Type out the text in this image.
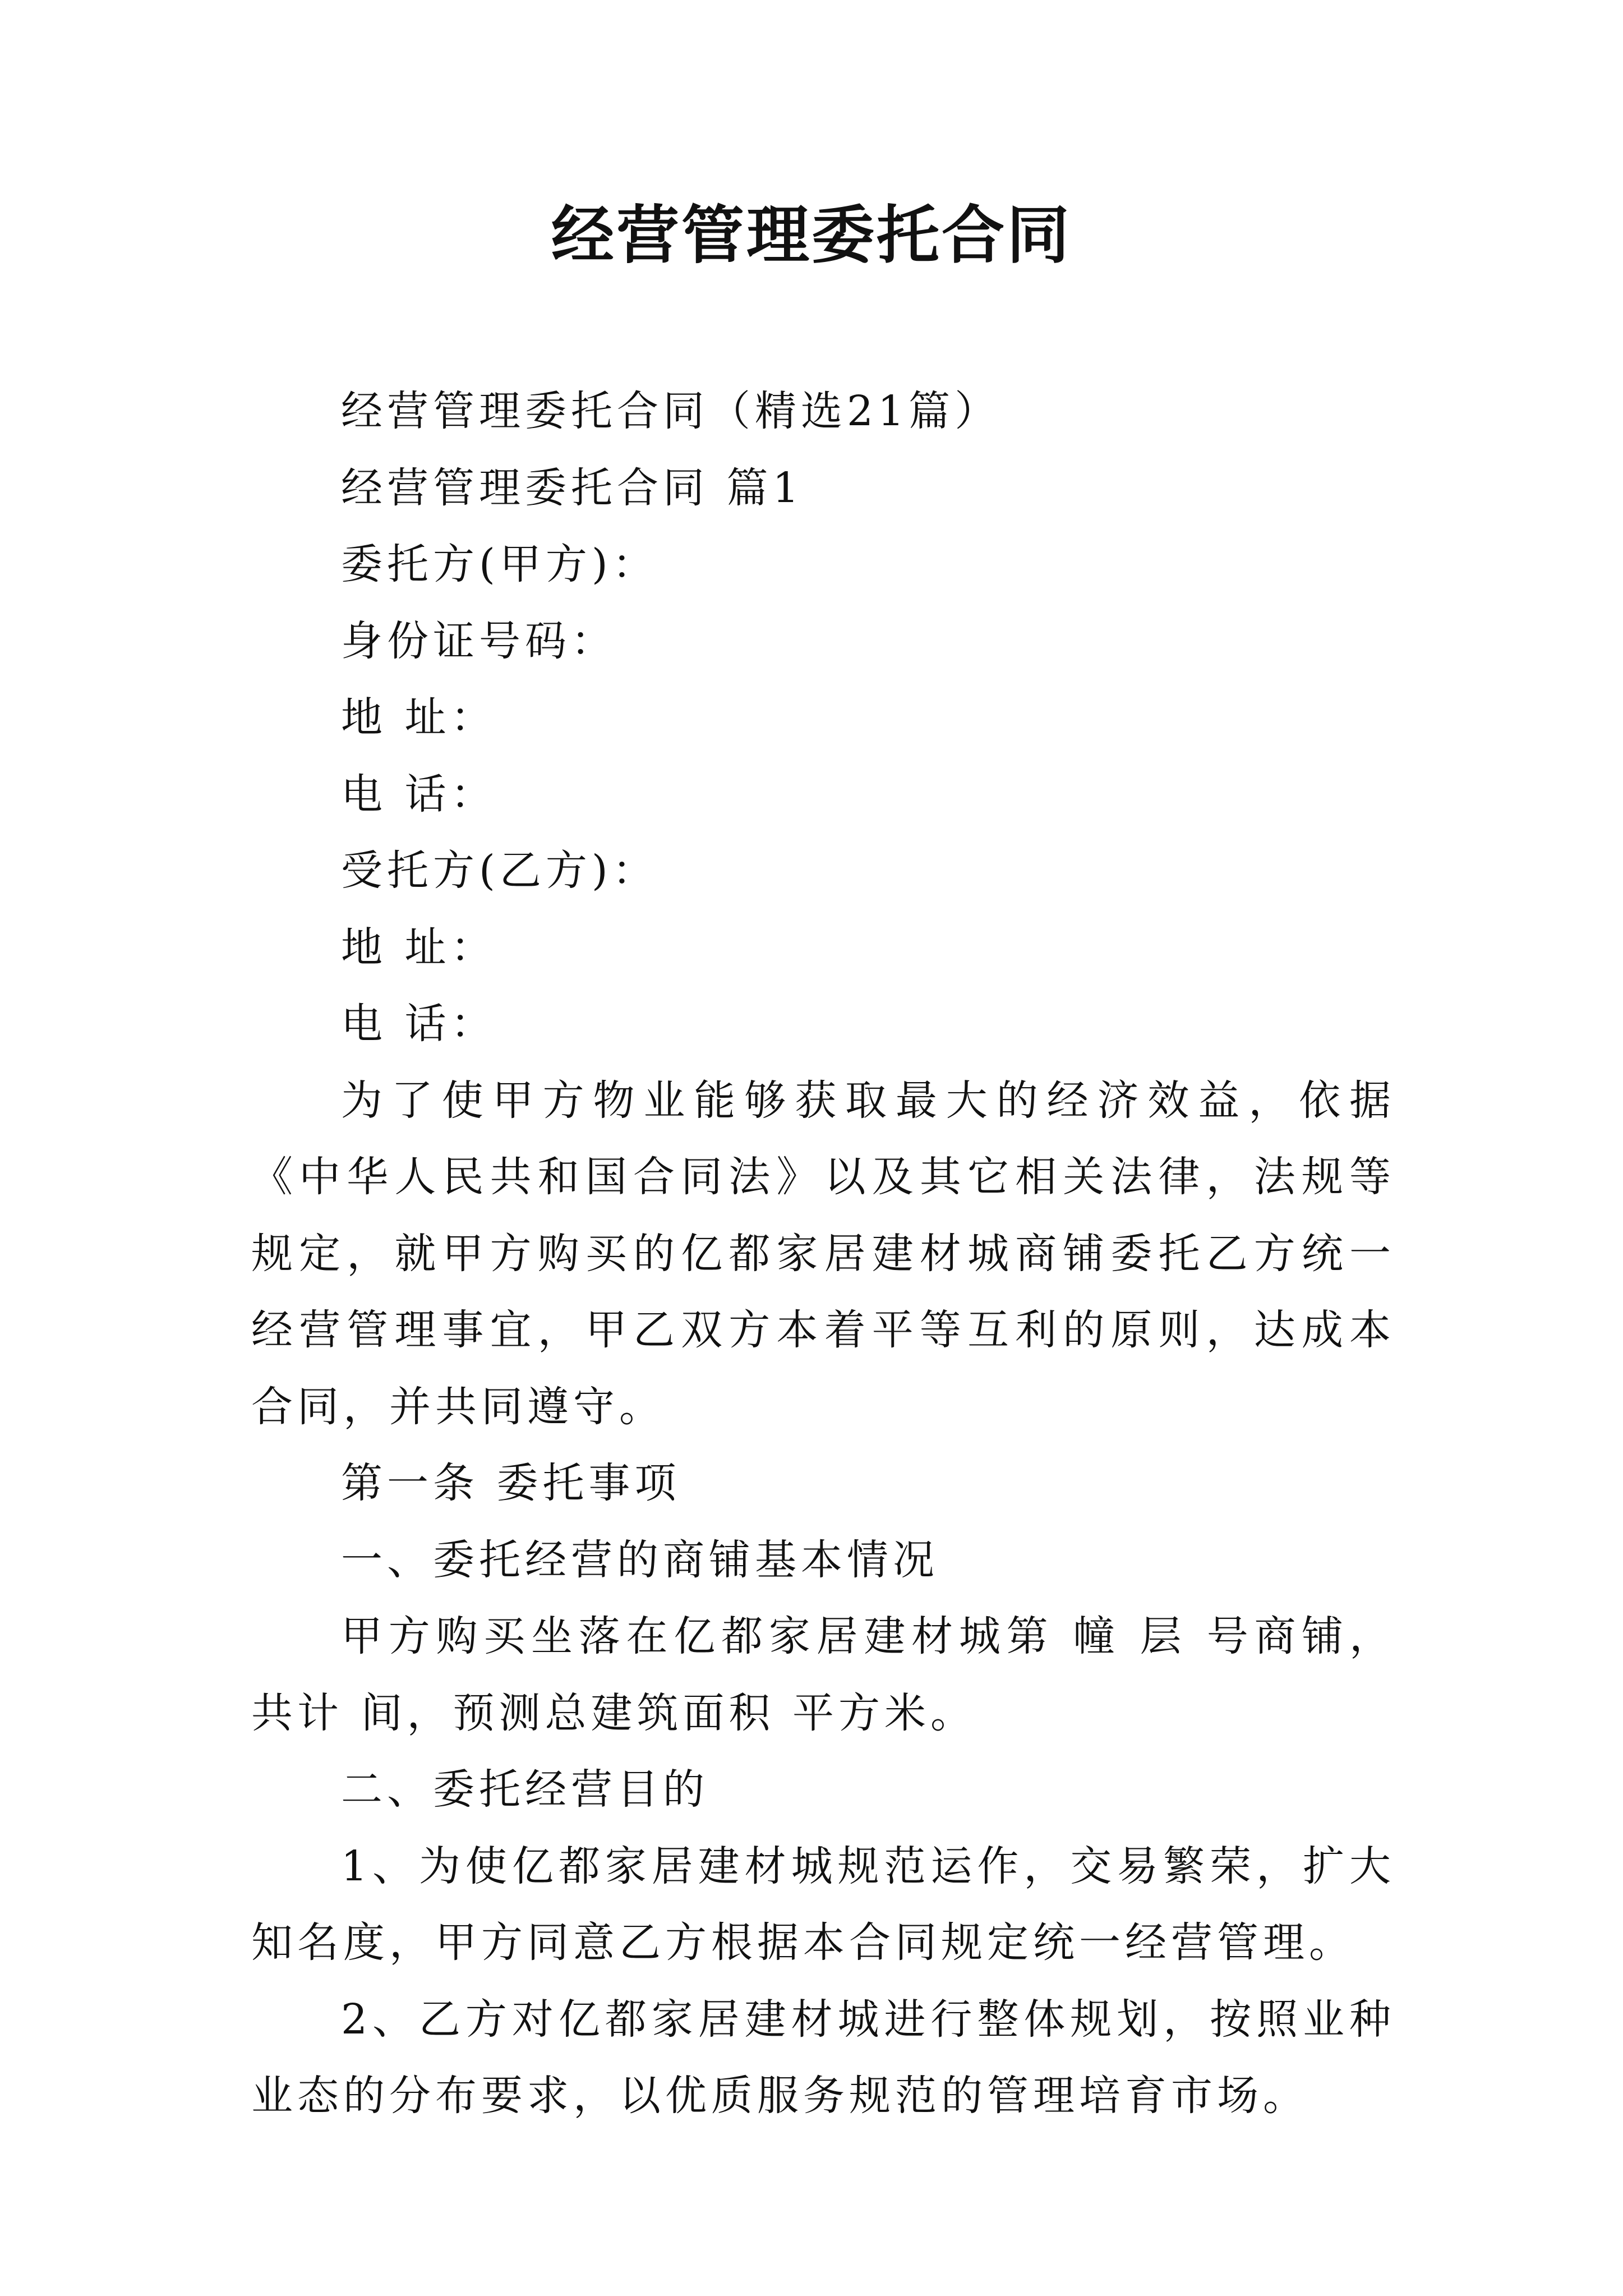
经营管理委托合同

经营管理委托合同（精选21篇）

经营管理委托合同 篇1

委托方(甲方)：

身份证号码：

地 址：

电 话：

受托方(乙方)：

地 址：

电 话：

为了使甲方物业能够获取最大的经济效益，依据《中华人民共和国合同法》以及其它相关法律，法规等规定，就甲方购买的亿都家居建材城商铺委托乙方统一经营管理事宜，甲乙双方本着平等互利的原则，达成本合同，并共同遵守。

第一条 委托事项

一、委托经营的商铺基本情况

甲方购买坐落在亿都家居建材城第 幢 层 号商铺，共计 间，预测总建筑面积 平方米。

二、委托经营目的

1、为使亿都家居建材城规范运作，交易繁荣，扩大知名度，甲方同意乙方根据本合同规定统一经营管理。

2、乙方对亿都家居建材城进行整体规划，按照业种业态的分布要求，以优质服务规范的管理培育市场。
